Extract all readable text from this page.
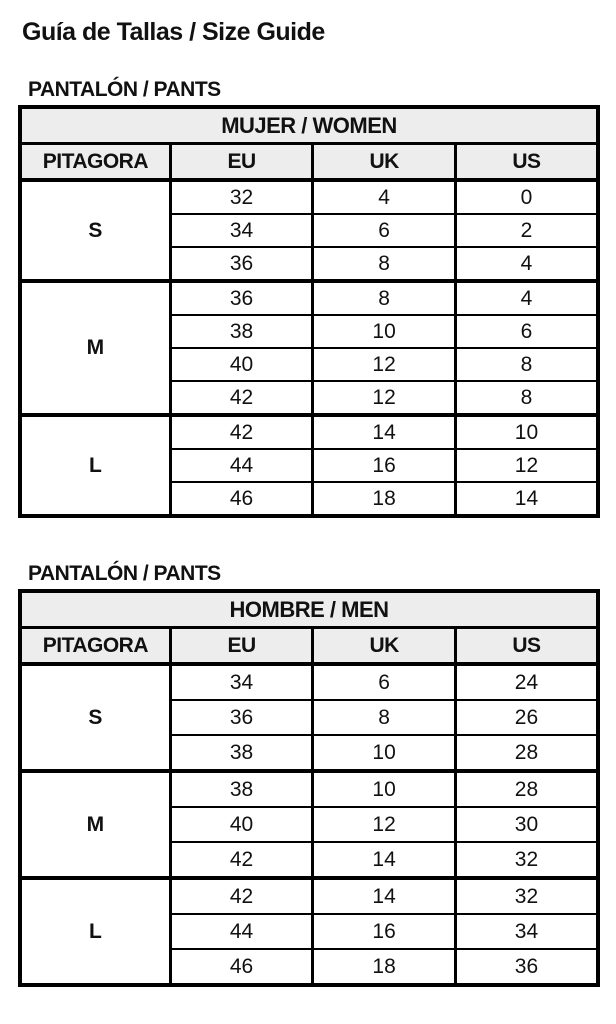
Guía de Tallas / Size Guide
PANTALÓN / PANTS
MUJER / WOMEN			
PITAGORA	EU	UK	US
S	32	4	0
	34	6	2
	36	8	4
M	36	8	4
	38	10	6
	40	12	8
	42	12	8
L	42	14	10
	44	16	12
	46	18	14
PANTALÓN / PANTS
HOMBRE / MEN			
PITAGORA	EU	UK	US
S	34	6	24
	36	8	26
	38	10	28
M	38	10	28
	40	12	30
	42	14	32
L	42	14	32
	44	16	34
	46	18	36
